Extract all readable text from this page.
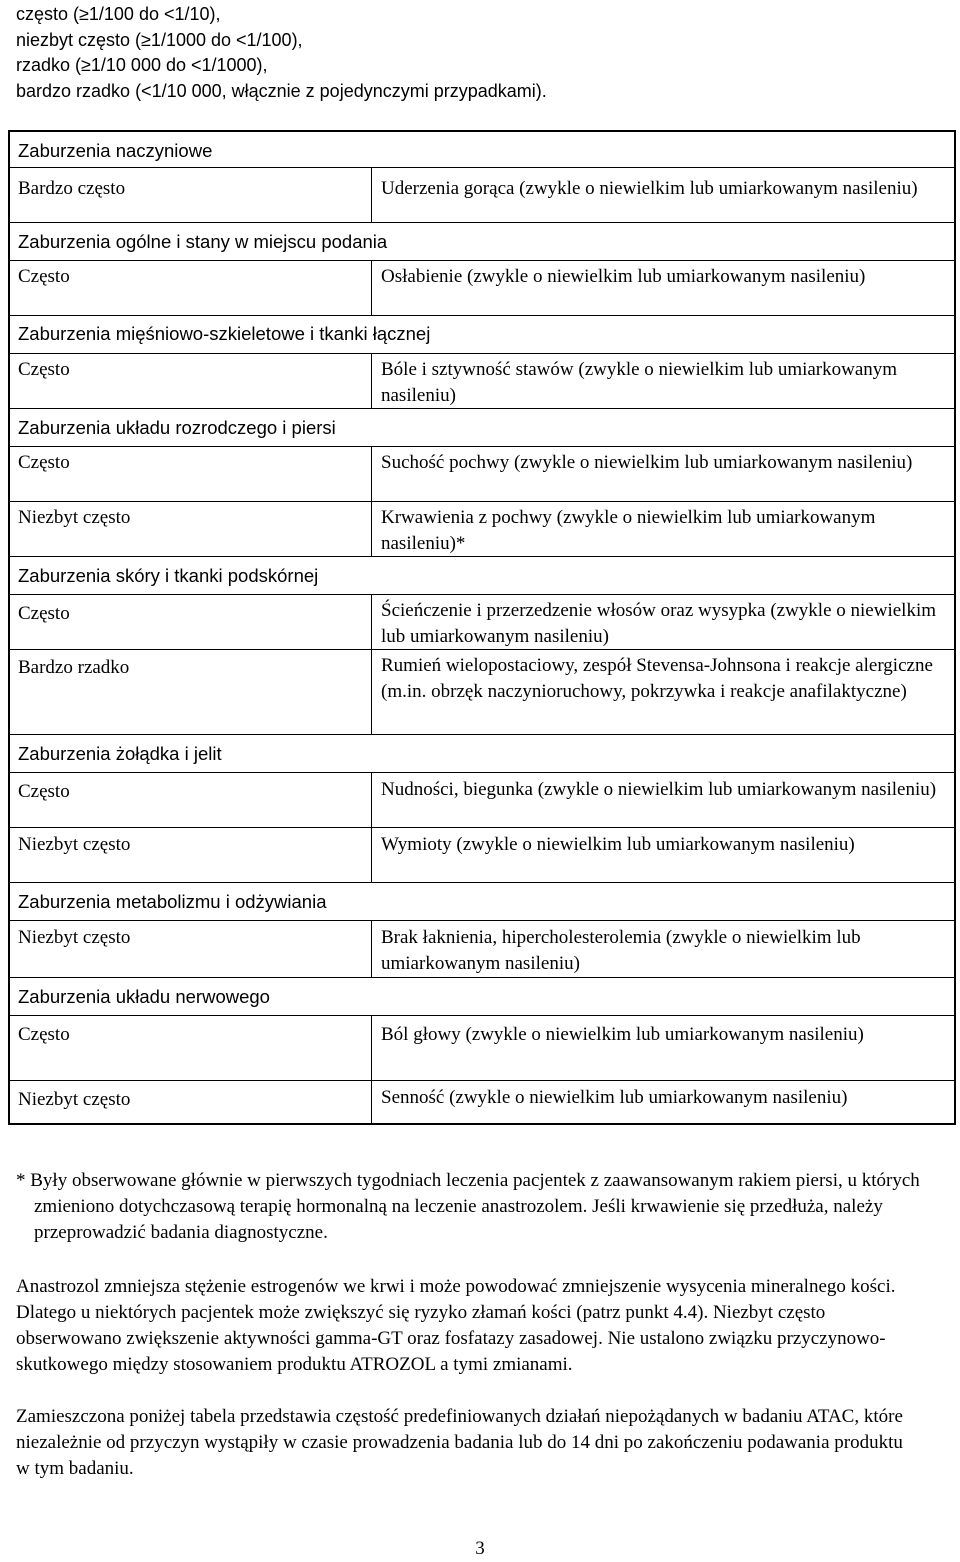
często (≥1/100 do <1/10),
niezbyt często (≥1/1000 do <1/100),
rzadko (≥1/10 000 do <1/1000),
bardzo rzadko (<1/10 000, włącznie z pojedynczymi przypadkami).
Zaburzenia naczyniowe
Bardzo często	Uderzenia gorąca (zwykle o niewielkim lub umiarkowanym nasileniu)
Zaburzenia ogólne i stany w miejscu podania
Często	Osłabienie (zwykle o niewielkim lub umiarkowanym nasileniu)
Zaburzenia mięśniowo-szkieletowe i tkanki łącznej
Często	Bóle i sztywność stawów (zwykle o niewielkim lub umiarkowanym nasileniu)
Zaburzenia układu rozrodczego i piersi
Często	Suchość pochwy (zwykle o niewielkim lub umiarkowanym nasileniu)
Niezbyt często	Krwawienia z pochwy (zwykle o niewielkim lub umiarkowanym nasileniu)*
Zaburzenia skóry i tkanki podskórnej
Często	Ścieńczenie i przerzedzenie włosów oraz wysypka (zwykle o niewielkim lub umiarkowanym nasileniu)
Bardzo rzadko	Rumień wielopostaciowy, zespół Stevensa-Johnsona i reakcje alergiczne (m.in. obrzęk naczynioruchowy, pokrzywka i reakcje anafilaktyczne)
Zaburzenia żołądka i jelit
Często	Nudności, biegunka (zwykle o niewielkim lub umiarkowanym nasileniu)
Niezbyt często	Wymioty (zwykle o niewielkim lub umiarkowanym nasileniu)
Zaburzenia metabolizmu i odżywiania
Niezbyt często	Brak łaknienia, hipercholesterolemia (zwykle o niewielkim lub umiarkowanym nasileniu)
Zaburzenia układu nerwowego
Często	Ból głowy (zwykle o niewielkim lub umiarkowanym nasileniu)
Niezbyt często	Senność (zwykle o niewielkim lub umiarkowanym nasileniu)
* Były obserwowane głównie w pierwszych tygodniach leczenia pacjentek z zaawansowanym rakiem piersi, u których zmieniono dotychczasową terapię hormonalną na leczenie anastrozolem. Jeśli krwawienie się przedłuża, należy przeprowadzić badania diagnostyczne.
Anastrozol zmniejsza stężenie estrogenów we krwi i może powodować zmniejszenie wysycenia mineralnego kości. Dlatego u niektórych pacjentek może zwiększyć się ryzyko złamań kości (patrz punkt 4.4). Niezbyt często obserwowano zwiększenie aktywności gamma-GT oraz fosfatazy zasadowej. Nie ustalono związku przyczynowo-skutkowego między stosowaniem produktu ATROZOL a tymi zmianami.
Zamieszczona poniżej tabela przedstawia częstość predefiniowanych działań niepożądanych w badaniu ATAC, które niezależnie od przyczyn wystąpiły w czasie prowadzenia badania lub do 14 dni po zakończeniu podawania produktu w tym badaniu.
3
